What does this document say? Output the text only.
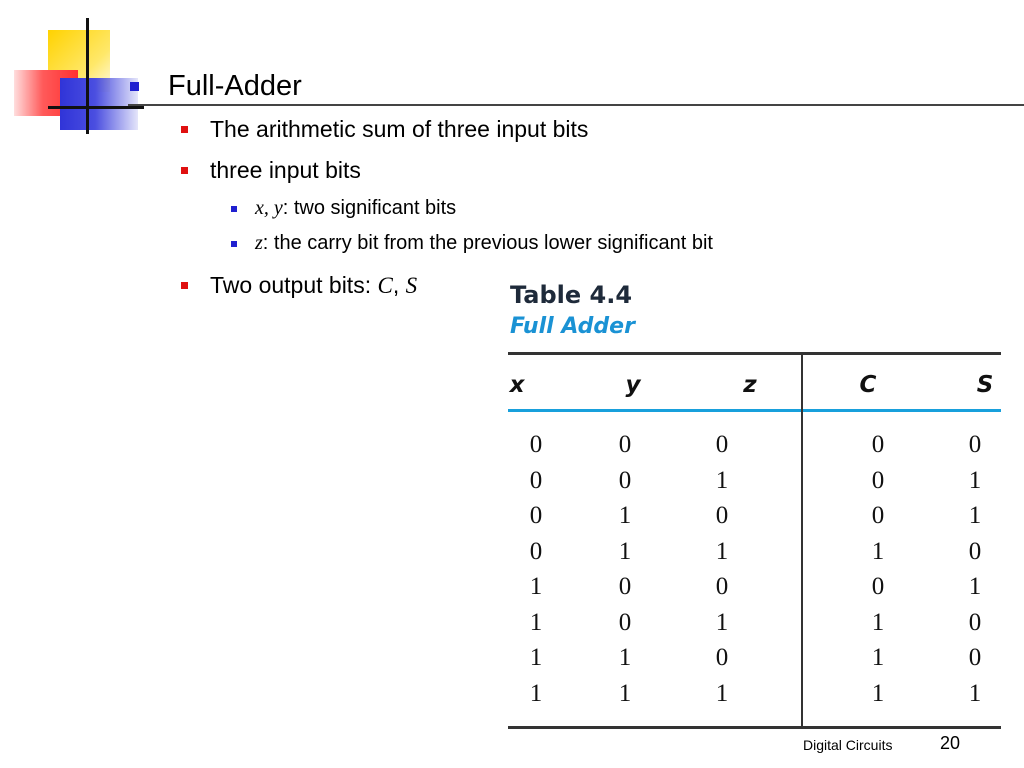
Full-Adder
The arithmetic sum of three input bits
three input bits
x, y: two significant bits
z: the carry bit from the previous lower significant bit
Two output bits: C, S	Table 4.4
Full Adder
x	y	z	C	S
0	0	0	0	0
0	0	1	0	1
0	1	0	0	1
0	1	1	1	0
1	0	0	0	1
1	0	1	1	0
1	1	0	1	0
1	1	1	1	1
Digital Circuits	20
